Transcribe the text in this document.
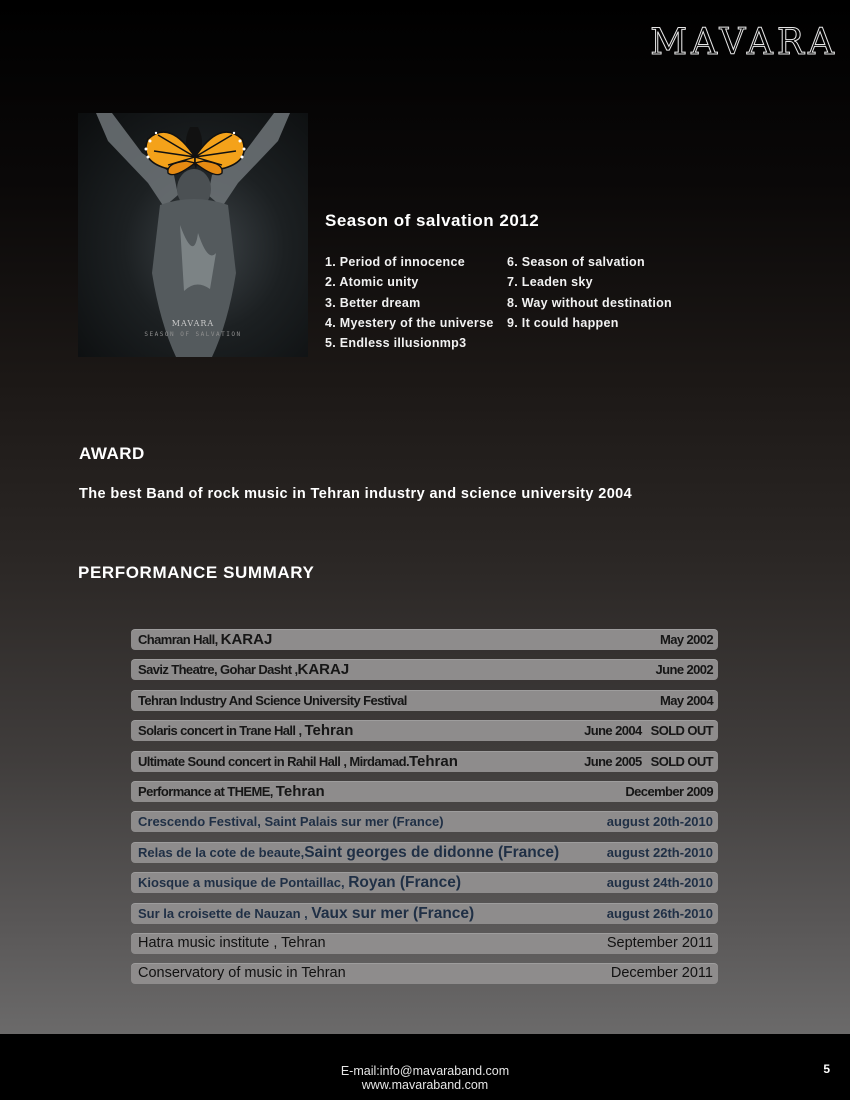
MAVARA
MAVARA
SEASON OF SALVATION
Season of salvation 2012
1. Period of innocence
2. Atomic unity
3. Better dream
4. Myestery of the universe
5. Endless illusionmp3
6. Season of salvation
7. Leaden sky
8. Way without destination
9. It could happen
AWARD
The best Band of rock music in Tehran industry and science university 2004
PERFORMANCE SUMMARY
Chamran Hall, KARAJ	May 2002
Saviz Theatre, Gohar Dasht ,KARAJ	June 2002
Tehran Industry And Science University Festival	May 2004
Solaris concert in Trane Hall , Tehran	June 2004   SOLD OUT
Ultimate Sound concert in Rahil Hall , Mirdamad.Tehran	June 2005   SOLD OUT
Performance at THEME, Tehran	December 2009
Crescendo Festival, Saint Palais sur mer (France)	august 20th-2010
Relas de la cote de beaute,Saint georges de didonne (France)	august 22th-2010
Kiosque a musique de Pontaillac, Royan (France)	august 24th-2010
Sur la croisette de Nauzan , Vaux sur mer (France)	august 26th-2010
Hatra music institute , Tehran	September 2011
Conservatory of music in Tehran	December 2011
E-mail:info@mavaraband.com
www.mavaraband.com
5
